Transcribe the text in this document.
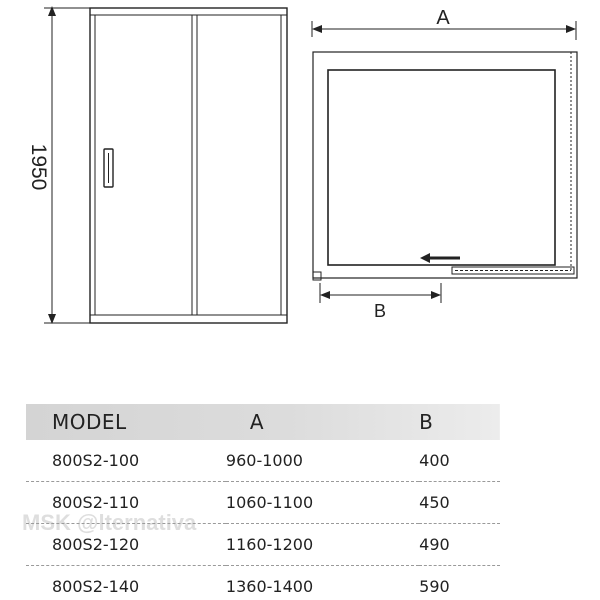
1950
A
B
MODEL	A	B
800S2-100	960-1000	400
800S2-110	1060-1100	450
800S2-120	1160-1200	490
800S2-140	1360-1400	590
MSK @lternativa
